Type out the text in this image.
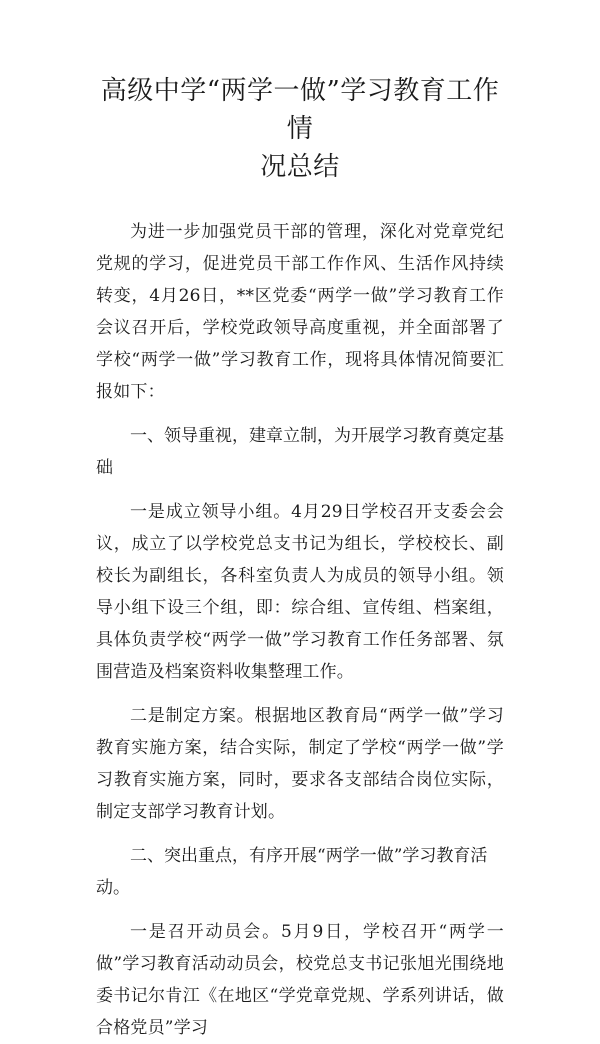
高级中学“两学一做”学习教育工作情
况总结

为进一步加强党员干部的管理，深化对党章党纪党规的学习，促进党员干部工作作风、生活作风持续转变，4月26日，**区党委“两学一做”学习教育工作会议召开后，学校党政领导高度重视，并全面部署了学校“两学一做”学习教育工作，现将具体情况简要汇报如下：

一、领导重视，建章立制，为开展学习教育奠定基础

一是成立领导小组。4月29日学校召开支委会会议，成立了以学校党总支书记为组长，学校校长、副校长为副组长，各科室负责人为成员的领导小组。领导小组下设三个组，即：综合组、宣传组、档案组，具体负责学校“两学一做”学习教育工作任务部署、氛围营造及档案资料收集整理工作。

二是制定方案。根据地区教育局“两学一做”学习教育实施方案，结合实际，制定了学校“两学一做”学习教育实施方案，同时，要求各支部结合岗位实际，制定支部学习教育计划。

二、突出重点，有序开展“两学一做”学习教育活动。

一是召开动员会。5月9日，学校召开“两学一做”学习教育活动动员会，校党总支书记张旭光围绕地委书记尔肯江《在地区“学党章党规、学系列讲话，做合格党员”学习
